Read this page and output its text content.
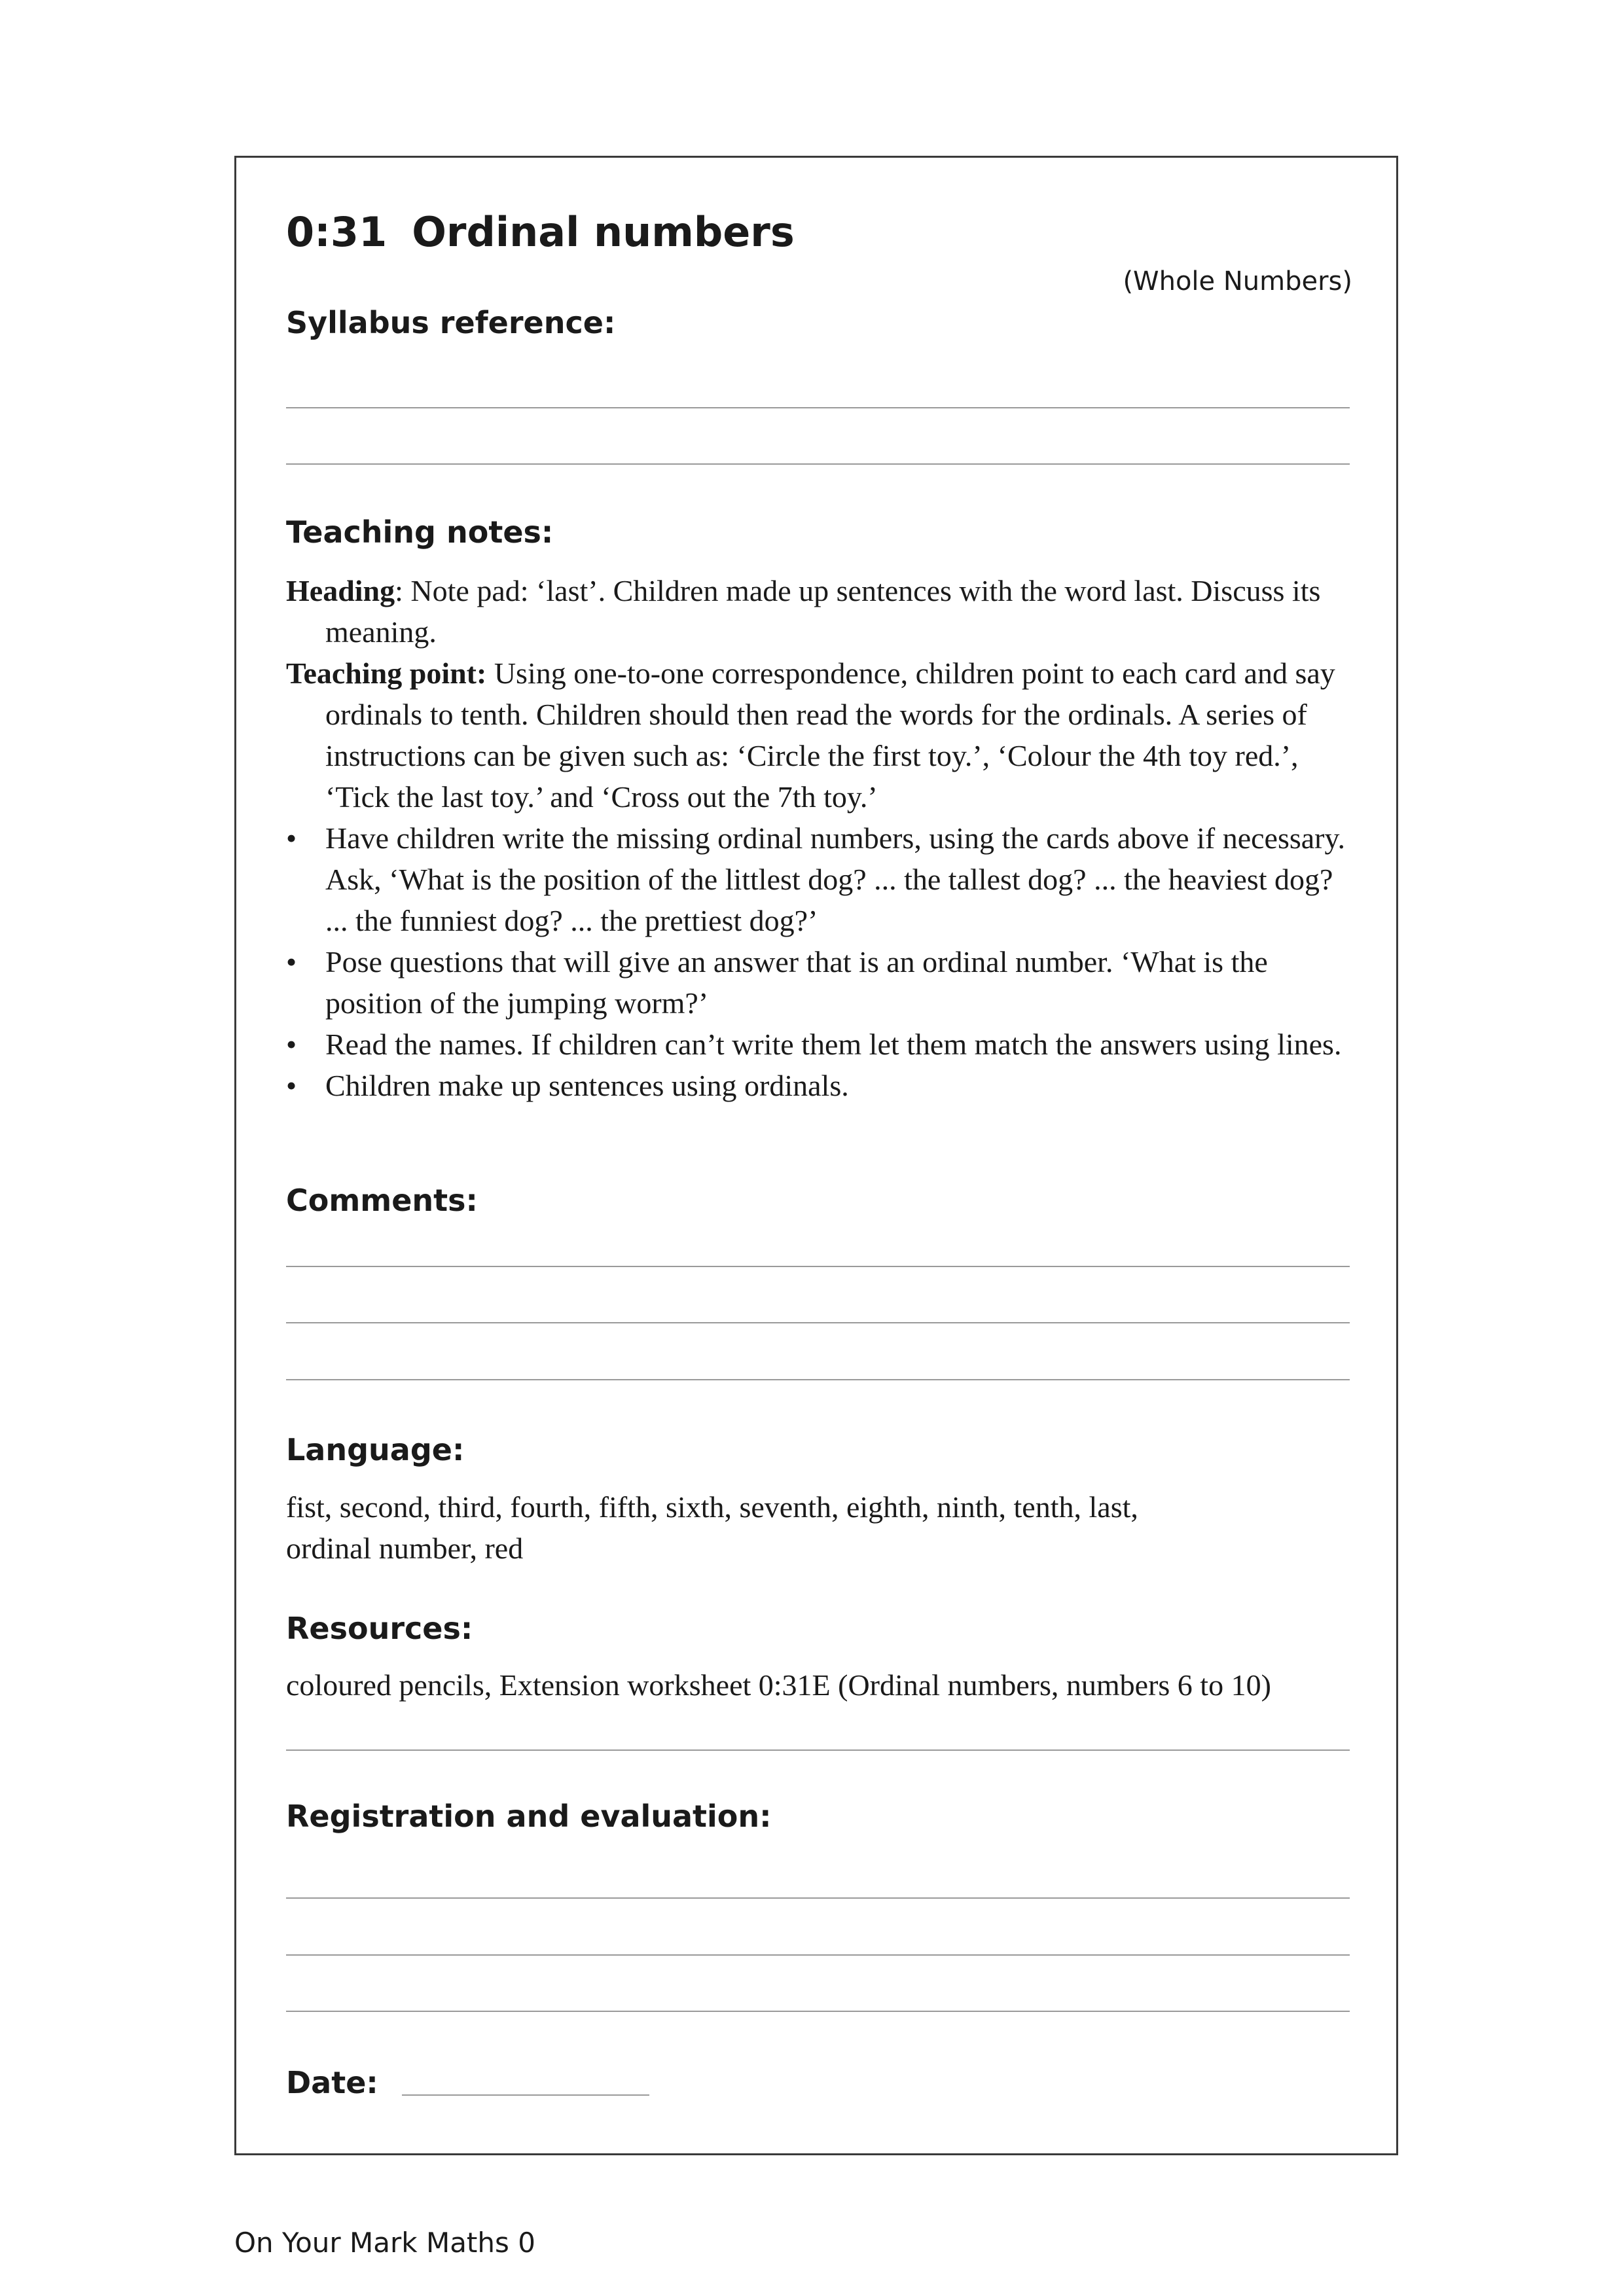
0:31 Ordinal numbers
(Whole Numbers)
Syllabus reference:
Teaching notes:

Heading: Note pad: ‘last’. Children made up sentences with the word last. Discuss its meaning.

Teaching point: Using one-to-one correspondence, children point to each card and say ordinals to tenth. Children should then read the words for the ordinals. A series of instructions can be given such as: ‘Circle the first toy.’, ‘Colour the 4th toy red.’, ‘Tick the last toy.’ and ‘Cross out the 7th toy.’

• Have children write the missing ordinal numbers, using the cards above if necessary. Ask, ‘What is the position of the littlest dog? ... the tallest dog? ... the heaviest dog? ... the funniest dog? ... the prettiest dog?’

• Pose questions that will give an answer that is an ordinal number. ‘What is the position of the jumping worm?’

• Read the names. If children can’t write them let them match the answers using lines.

• Children make up sentences using ordinals.

Comments:
Language:
fist, second, third, fourth, fifth, sixth, seventh, eighth, ninth, tenth, last, ordinal number, red
Resources:
coloured pencils, Extension worksheet 0:31E (Ordinal numbers, numbers 6 to 10)
Registration and evaluation:
Date:
On Your Mark Maths 0
